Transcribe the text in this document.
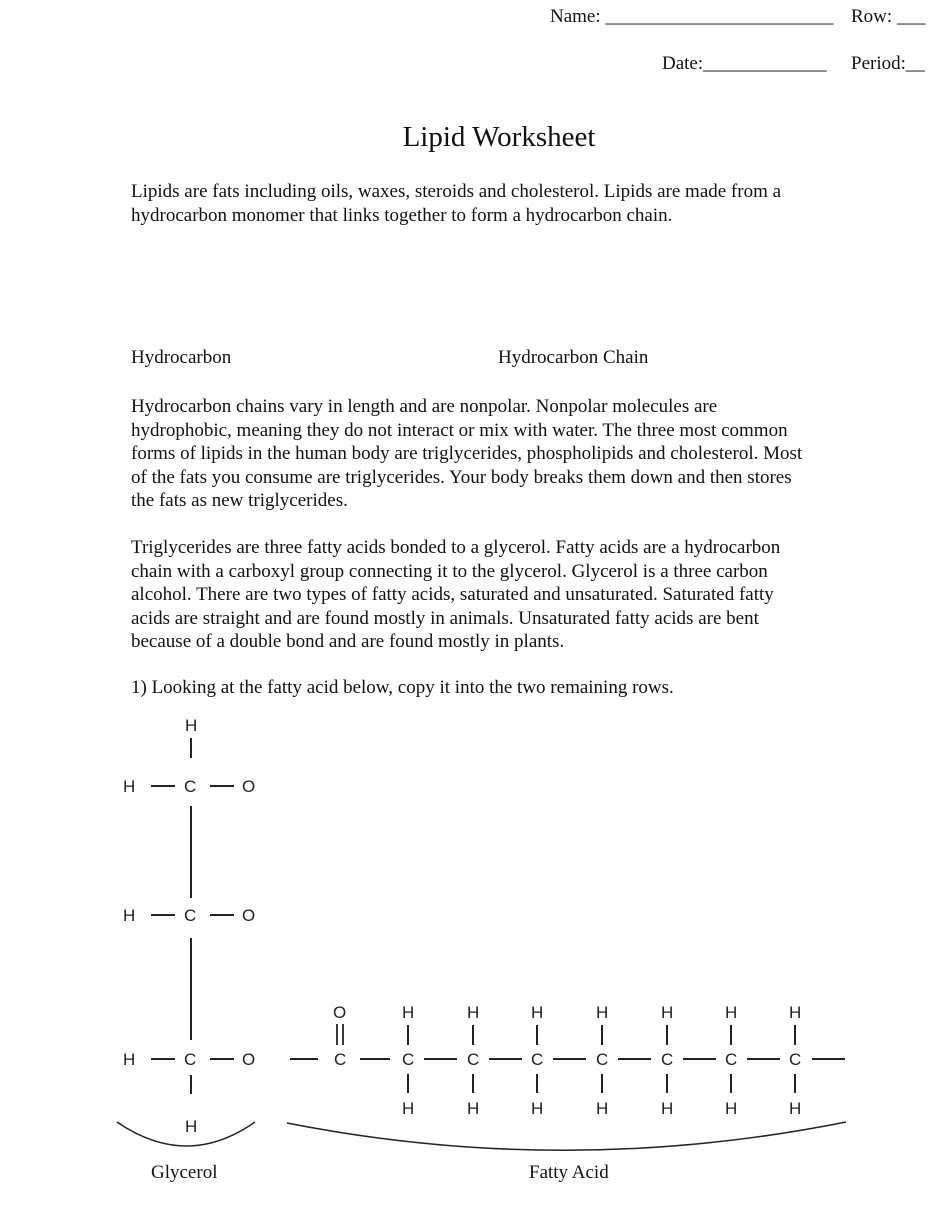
Name: ________________________ Row: ___
Date:_____________ Period:__
Lipid Worksheet

Lipids are fats including oils, waxes, steroids and cholesterol. Lipids are made from a

hydrocarbon monomer that links together to form a hydrocarbon chain.

Hydrocarbon	Hydrocarbon Chain

Hydrocarbon chains vary in length and are nonpolar. Nonpolar molecules are

hydrophobic, meaning they do not interact or mix with water. The three most common

forms of lipids in the human body are triglycerides, phospholipids and cholesterol. Most

of the fats you consume are triglycerides. Your body breaks them down and then stores

the fats as new triglycerides.

Triglycerides are three fatty acids bonded to a glycerol. Fatty acids are a hydrocarbon

chain with a carboxyl group connecting it to the glycerol. Glycerol is a three carbon

alcohol. There are two types of fatty acids, saturated and unsaturated. Saturated fatty

acids are straight and are found mostly in animals. Unsaturated fatty acids are bent

because of a double bond and are found mostly in plants.

1) Looking at the fatty acid below, copy it into the two remaining rows.
H
H	C	O
H	C	O
H	C	O
H
O
C
H
C
H
H
C
H
H
C
H
H
C
H
H
C
H
H
C
H
H
C
H
Glycerol	Fatty Acid
